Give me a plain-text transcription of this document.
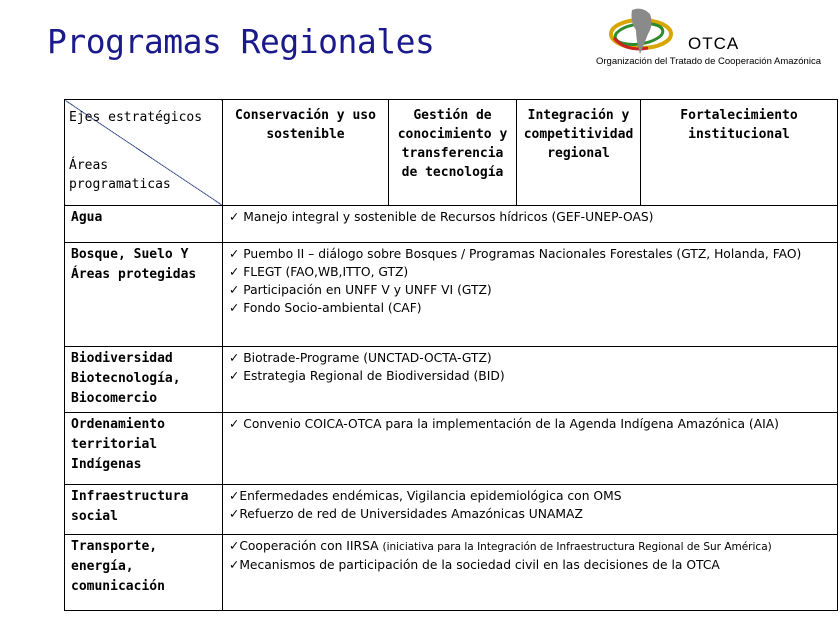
Programas Regionales	OTCA
Organización del Tratado de Cooperación Amazónica
Ejes estratégicos
Áreas
programaticas	Conservación y uso sostenible	Gestión de conocimiento y transferencia de tecnología	Integración y competitividad regional	Fortalecimiento institucional
Agua	✓ Manejo integral y sostenible de Recursos hídricos (GEF-UNEP-OAS)			

Bosque, Suelo Y Áreas protegidas	✓ Puembo II – diálogo sobre Bosques / Programas Nacionales Forestales (GTZ, Holanda, FAO)
✓ FLEGT (FAO,WB,ITTO, GTZ)
✓ Participación en UNFF V y UNFF VI (GTZ)
✓ Fondo Socio-ambiental (CAF)			

Biodiversidad Biotecnología, Biocomercio	✓ Biotrade-Programe (UNCTAD-OCTA-GTZ)
✓ Estrategia Regional de Biodiversidad (BID)			

Ordenamiento territorial Indígenas	✓ Convenio COICA-OTCA para la implementación de la Agenda Indígena Amazónica (AIA)			

Infraestructura social	✓Enfermedades endémicas, Vigilancia epidemiológica con OMS
✓Refuerzo de red de Universidades Amazónicas UNAMAZ			

Transporte, energía, comunicación	✓Cooperación con IIRSA (iniciativa para la Integración de Infraestructura Regional de Sur América)
✓Mecanismos de participación de la sociedad civil en las decisiones de la OTCA			
